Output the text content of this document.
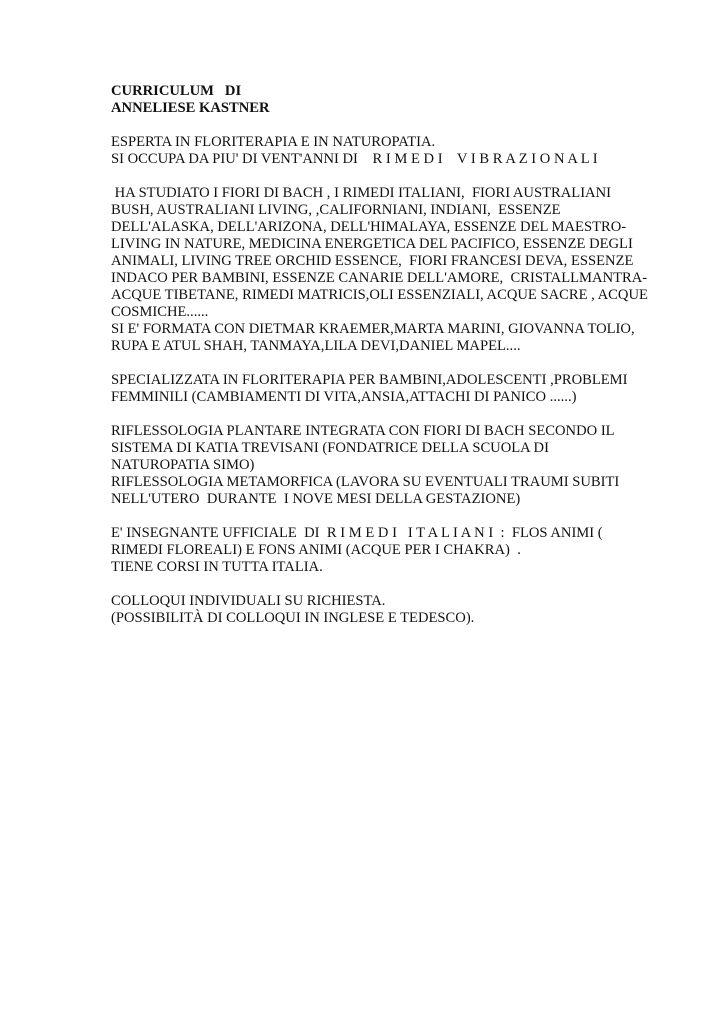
CURRICULUM   DI
ANNELIESE KASTNER
ESPERTA IN FLORITERAPIA E IN NATUROPATIA.
SI OCCUPA DA PIU' DI VENT'ANNI DI    R I M E D I    V I B R A Z I O N A L I
HA STUDIATO I FIORI DI BACH , I RIMEDI ITALIANI,  FIORI AUSTRALIANI
BUSH, AUSTRALIANI LIVING, ,CALIFORNIANI, INDIANI,  ESSENZE
DELL'ALASKA, DELL'ARIZONA, DELL'HIMALAYA, ESSENZE DEL MAESTRO-
LIVING IN NATURE, MEDICINA ENERGETICA DEL PACIFICO, ESSENZE DEGLI
ANIMALI, LIVING TREE ORCHID ESSENCE,  FIORI FRANCESI DEVA, ESSENZE
INDACO PER BAMBINI, ESSENZE CANARIE DELL'AMORE,  CRISTALLMANTRA-
ACQUE TIBETANE, RIMEDI MATRICIS,OLI ESSENZIALI, ACQUE SACRE , ACQUE
COSMICHE......
SI E' FORMATA CON DIETMAR KRAEMER,MARTA MARINI, GIOVANNA TOLIO,
RUPA E ATUL SHAH, TANMAYA,LILA DEVI,DANIEL MAPEL....
SPECIALIZZATA IN FLORITERAPIA PER BAMBINI,ADOLESCENTI ,PROBLEMI
FEMMINILI (CAMBIAMENTI DI VITA,ANSIA,ATTACHI DI PANICO ......)
RIFLESSOLOGIA PLANTARE INTEGRATA CON FIORI DI BACH SECONDO IL
SISTEMA DI KATIA TREVISANI (FONDATRICE DELLA SCUOLA DI
NATUROPATIA SIMO)
RIFLESSOLOGIA METAMORFICA (LAVORA SU EVENTUALI TRAUMI SUBITI
NELL'UTERO  DURANTE  I NOVE MESI DELLA GESTAZIONE)
E' INSEGNANTE UFFICIALE  DI  R I M E D I   I T A L I A N I  :  FLOS ANIMI (
RIMEDI FLOREALI) E FONS ANIMI (ACQUE PER I CHAKRA)  .
TIENE CORSI IN TUTTA ITALIA.
COLLOQUI INDIVIDUALI SU RICHIESTA.
(POSSIBILITÀ DI COLLOQUI IN INGLESE E TEDESCO).
